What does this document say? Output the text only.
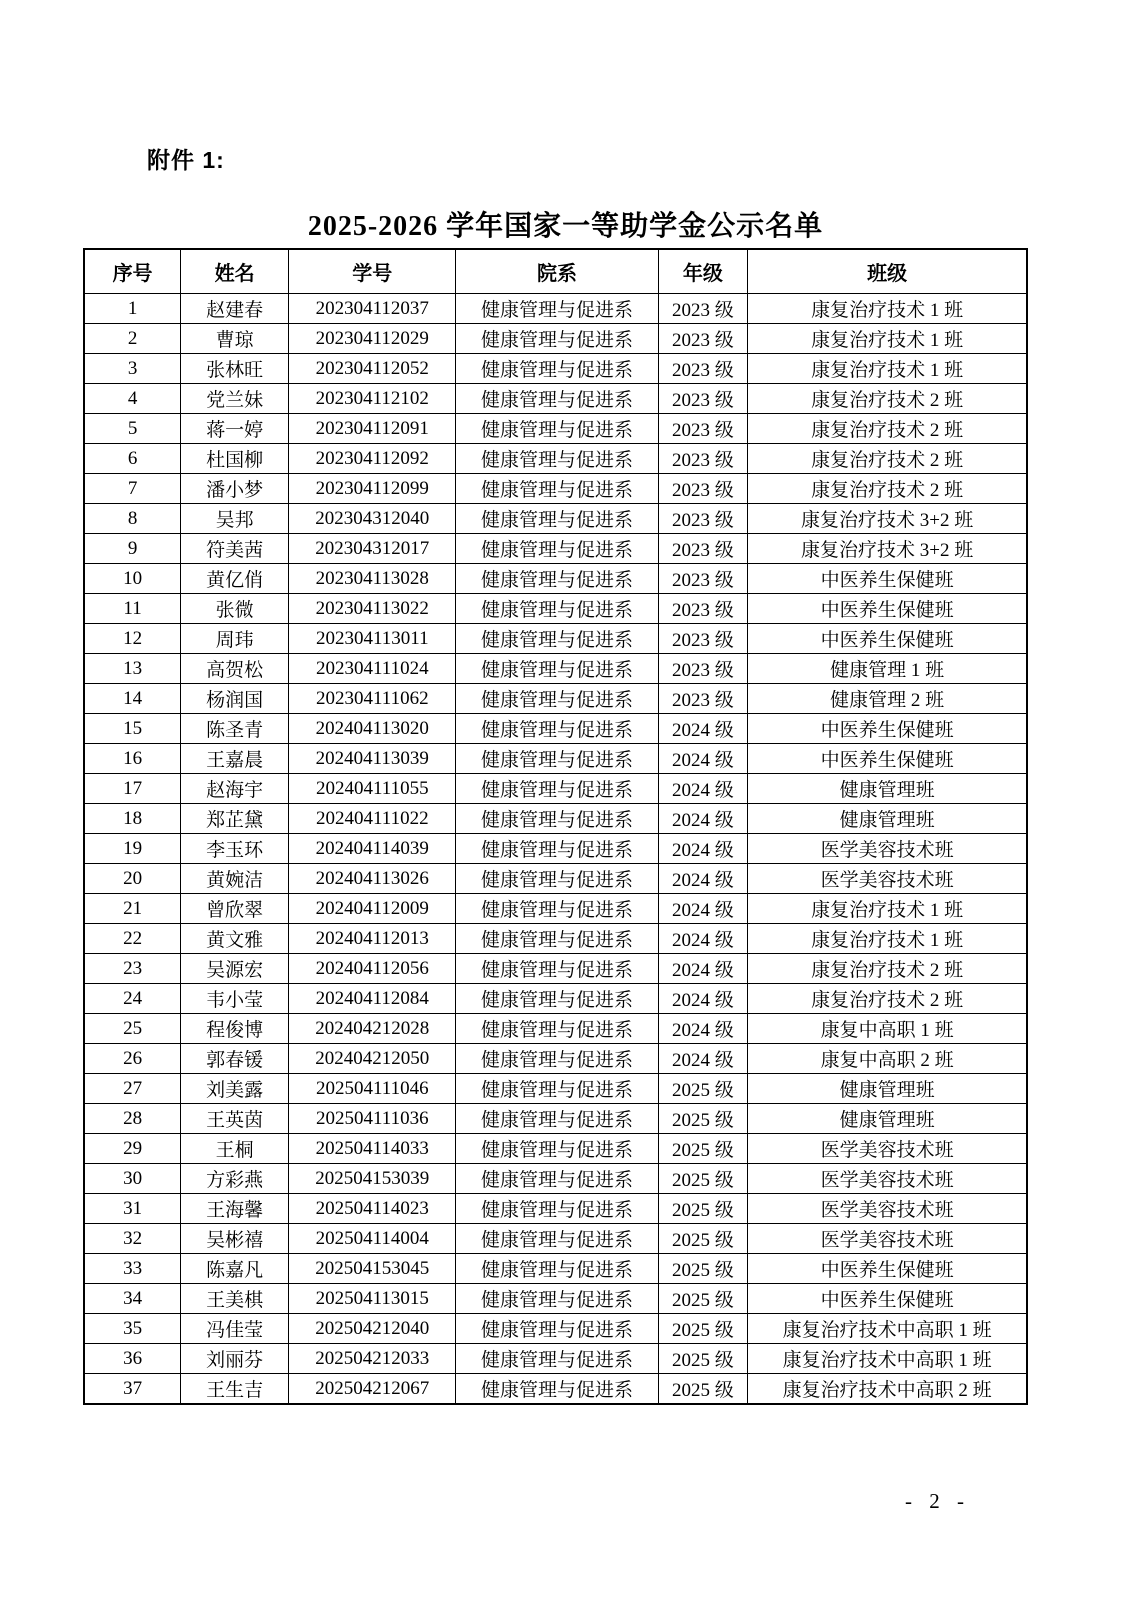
附件 1:
2025-2026 学年国家一等助学金公示名单
序号	姓名	学号	院系	年级	班级
1	赵建春	202304112037	健康管理与促进系	2023 级	康复治疗技术 1 班
2	曹琼	202304112029	健康管理与促进系	2023 级	康复治疗技术 1 班
3	张林旺	202304112052	健康管理与促进系	2023 级	康复治疗技术 1 班
4	党兰妹	202304112102	健康管理与促进系	2023 级	康复治疗技术 2 班
5	蒋一婷	202304112091	健康管理与促进系	2023 级	康复治疗技术 2 班
6	杜国柳	202304112092	健康管理与促进系	2023 级	康复治疗技术 2 班
7	潘小梦	202304112099	健康管理与促进系	2023 级	康复治疗技术 2 班
8	吴邦	202304312040	健康管理与促进系	2023 级	康复治疗技术 3+2 班
9	符美茜	202304312017	健康管理与促进系	2023 级	康复治疗技术 3+2 班
10	黄亿俏	202304113028	健康管理与促进系	2023 级	中医养生保健班
11	张微	202304113022	健康管理与促进系	2023 级	中医养生保健班
12	周玮	202304113011	健康管理与促进系	2023 级	中医养生保健班
13	高贺松	202304111024	健康管理与促进系	2023 级	健康管理 1 班
14	杨润国	202304111062	健康管理与促进系	2023 级	健康管理 2 班
15	陈圣青	202404113020	健康管理与促进系	2024 级	中医养生保健班
16	王嘉晨	202404113039	健康管理与促进系	2024 级	中医养生保健班
17	赵海宇	202404111055	健康管理与促进系	2024 级	健康管理班
18	郑芷黛	202404111022	健康管理与促进系	2024 级	健康管理班
19	李玉环	202404114039	健康管理与促进系	2024 级	医学美容技术班
20	黄婉洁	202404113026	健康管理与促进系	2024 级	医学美容技术班
21	曾欣翠	202404112009	健康管理与促进系	2024 级	康复治疗技术 1 班
22	黄文雅	202404112013	健康管理与促进系	2024 级	康复治疗技术 1 班
23	吴源宏	202404112056	健康管理与促进系	2024 级	康复治疗技术 2 班
24	韦小莹	202404112084	健康管理与促进系	2024 级	康复治疗技术 2 班
25	程俊博	202404212028	健康管理与促进系	2024 级	康复中高职 1 班
26	郭春锾	202404212050	健康管理与促进系	2024 级	康复中高职 2 班
27	刘美露	202504111046	健康管理与促进系	2025 级	健康管理班
28	王英茵	202504111036	健康管理与促进系	2025 级	健康管理班
29	王桐	202504114033	健康管理与促进系	2025 级	医学美容技术班
30	方彩燕	202504153039	健康管理与促进系	2025 级	医学美容技术班
31	王海馨	202504114023	健康管理与促进系	2025 级	医学美容技术班
32	吴彬禧	202504114004	健康管理与促进系	2025 级	医学美容技术班
33	陈嘉凡	202504153045	健康管理与促进系	2025 级	中医养生保健班
34	王美棋	202504113015	健康管理与促进系	2025 级	中医养生保健班
35	冯佳莹	202504212040	健康管理与促进系	2025 级	康复治疗技术中高职 1 班
36	刘丽芬	202504212033	健康管理与促进系	2025 级	康复治疗技术中高职 1 班
37	王生吉	202504212067	健康管理与促进系	2025 级	康复治疗技术中高职 2 班
- 2 -
